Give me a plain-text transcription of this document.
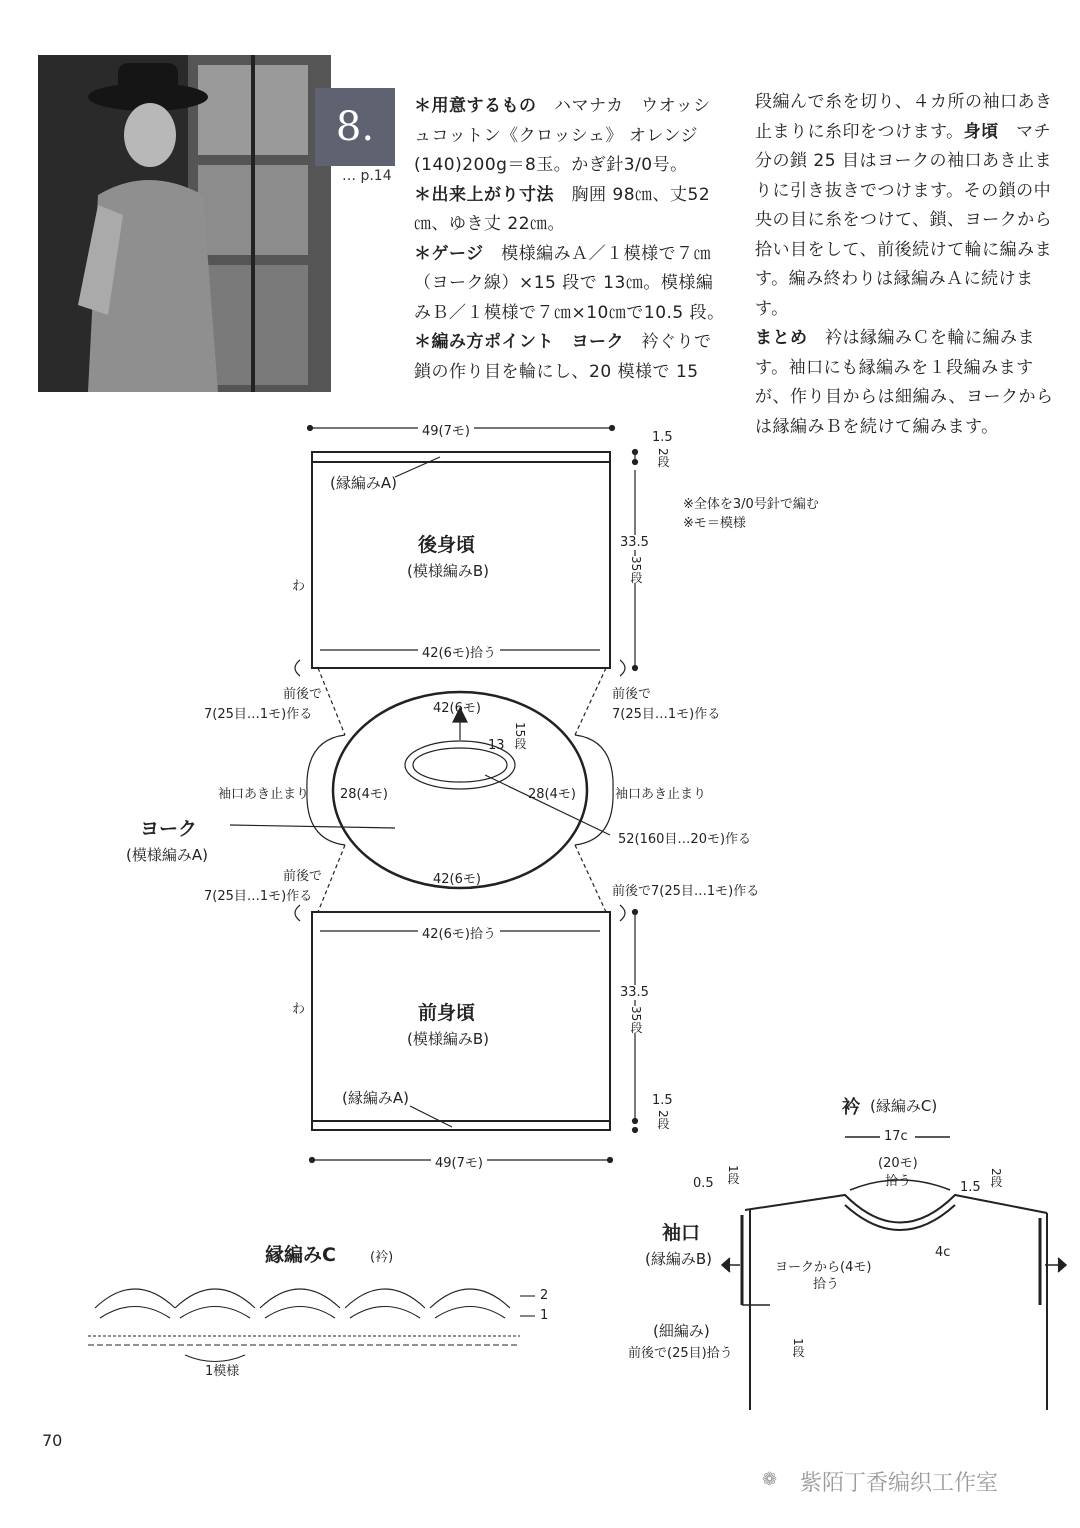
8.
… p.14

＊用意するもの　 ハマナカ　ウオッシュコットン《クロッシェ》 オレンジ(140)200g＝8玉。かぎ針3/0号。

＊出来上がり寸法　 胸囲 98㎝、丈52㎝、ゆき丈 22㎝。

＊ゲージ　 模様編みＡ／１模様で７㎝（ヨーク線）×15 段で 13㎝。模様編みＢ／１模様で７㎝×10㎝で10.5 段。

＊編み方ポイント　ヨーク　 衿ぐりで鎖の作り目を輪にし、20 模様で 15

段編んで糸を切り、４カ所の袖口あき止まりに糸印をつけます。身頃　 マチ分の鎖 25 目はヨークの袖口あき止まりに引き抜きでつけます。その鎖の中央の目に糸をつけて、鎖、ヨークから拾い目をして、前後続けて輪に編みます。編み終わりは縁編みＡに続けます。

まとめ　 衿は縁編みＣを輪に編みます。袖口にも縁編みを１段編みますが、作り目からは細編み、ヨークからは縁編みＢを続けて編みます。

49(7モ)	1.5
2段
(縁編みA)
※全体を3/0号針で編む
※モ＝模様
後身頃
(模様編みB)
わ
33.5
35段
42(6モ)拾う
前後で
7(25目…1モ)作る
前後で
7(25目…1モ)作る
42(6モ)
13 15段
28(4モ)	28(4モ)
袖口あき止まり	袖口あき止まり
ヨーク
(模様編みA)
52(160目…20モ)作る
42(6モ)
前後で
7(25目…1モ)作る	前後で7(25目…1モ)作る
42(6モ)拾う
わ	前身頃
(模様編みB)
33.5
35段
(縁編みA)	1.5
2段
49(7モ)
衿 (縁編みC)
17c
(20モ)
拾う
0.5 1段
1.5 2段
袖口
(縁編みB)	ヨークから(4モ)
拾う
4c
(細編み)
前後で(25目)拾う	1段
縁編みC	(衿)
2
1
1模様
70
❁ 紫陌丁香编织工作室
